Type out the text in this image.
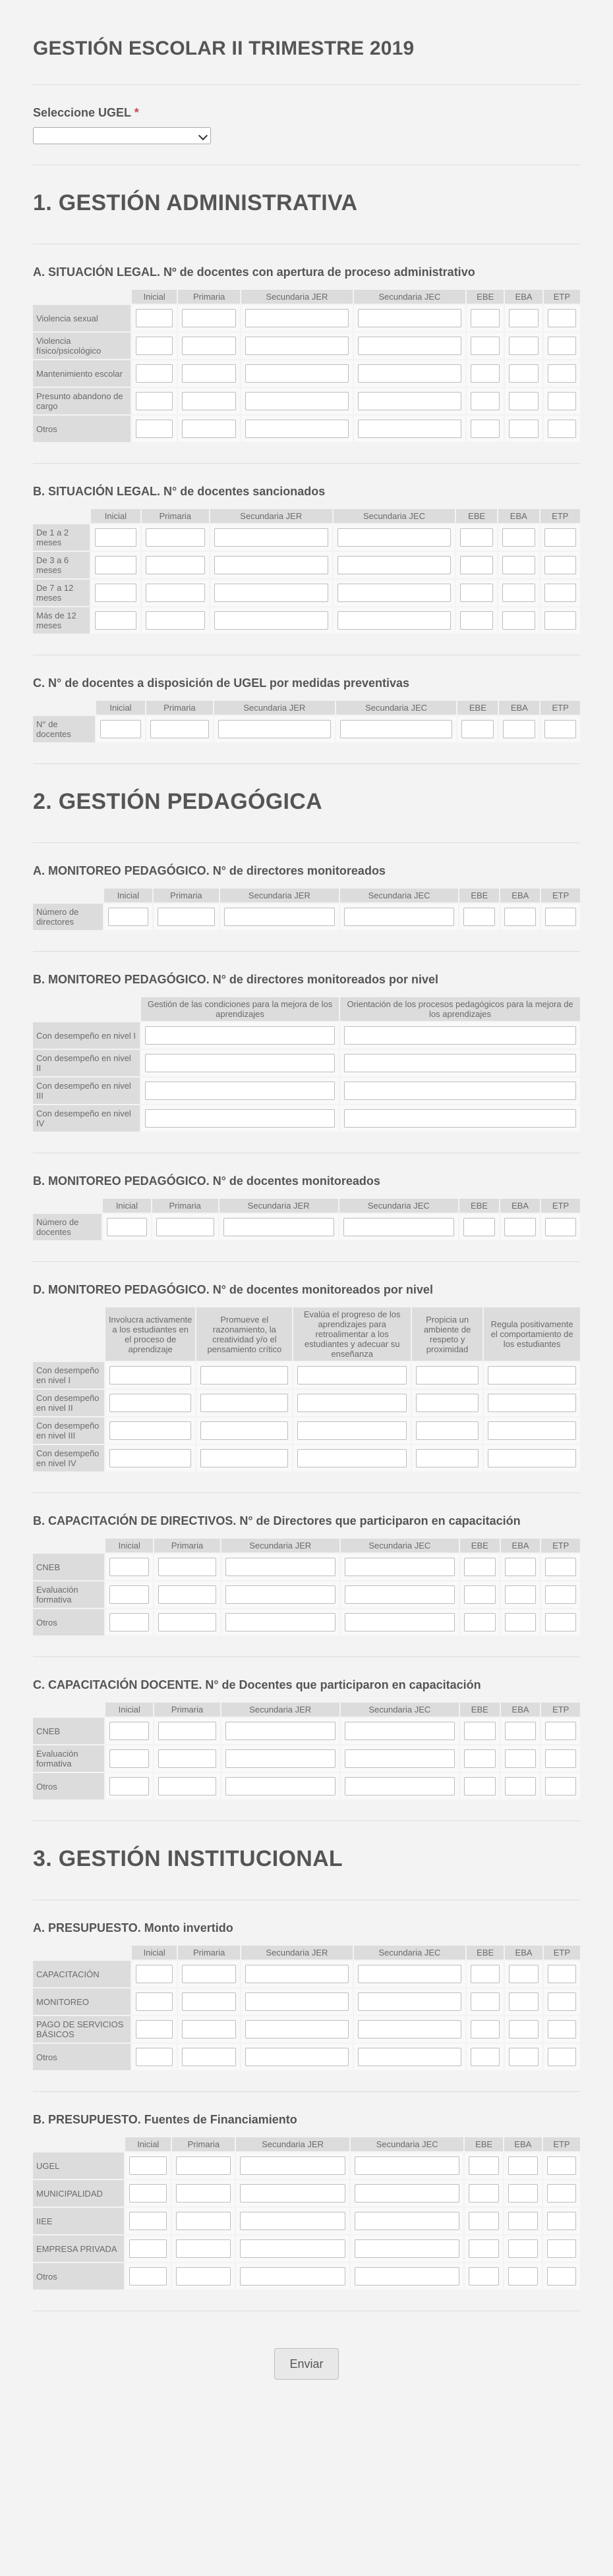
GESTIÓN ESCOLAR II TRIMESTRE 2019
Seleccione UGEL *
1. GESTIÓN ADMINISTRATIVA
A. SITUACIÓN LEGAL. Nº de docentes con apertura de proceso administrativo
	Inicial	Primaria	Secundaria JER	Secundaria JEC	EBE	EBA	ETP
Violencia sexual	

Violencia físico/psicológico	

Mantenimiento escolar	

Presunto abandono de cargo	

Otros	

B. SITUACIÓN LEGAL. N° de docentes sancionados
	Inicial	Primaria	Secundaria JER	Secundaria JEC	EBE	EBA	ETP
De 1 a 2 meses	

De 3 a 6 meses	

De 7 a 12 meses	

Más de 12 meses	

C. N° de docentes a disposición de UGEL por medidas preventivas
	Inicial	Primaria	Secundaria JER	Secundaria JEC	EBE	EBA	ETP
N° de docentes	

2. GESTIÓN PEDAGÓGICA
A. MONITOREO PEDAGÓGICO. N° de directores monitoreados
	Inicial	Primaria	Secundaria JER	Secundaria JEC	EBE	EBA	ETP
Número de directores	

B. MONITOREO PEDAGÓGICO. N° de directores monitoreados por nivel
	Gestión de las condiciones para la mejora de los aprendizajes	Orientación de los procesos pedagógicos para la mejora de los aprendizajes
Con desempeño en nivel I	

Con desempeño en nivel II	

Con desempeño en nivel III	

Con desempeño en nivel IV	

B. MONITOREO PEDAGÓGICO. N° de docentes monitoreados
	Inicial	Primaria	Secundaria JER	Secundaria JEC	EBE	EBA	ETP
Número de docentes	

D. MONITOREO PEDAGÓGICO. N° de docentes monitoreados por nivel
	Involucra activamente a los estudiantes en el proceso de aprendizaje	Promueve el razonamiento, la creatividad y/o el pensamiento crítico	Evalúa el progreso de los aprendizajes para retroalimentar a los estudiantes y adecuar su enseñanza	Propicia un ambiente de respeto y proximidad	Regula positivamente el comportamiento de los estudiantes
Con desempeño en nivel I	

Con desempeño en nivel II	

Con desempeño en nivel III	

Con desempeño en nivel IV	

B. CAPACITACIÓN DE DIRECTIVOS. N° de Directores que participaron en capacitación
	Inicial	Primaria	Secundaria JER	Secundaria JEC	EBE	EBA	ETP
CNEB	

Evaluación formativa	

Otros	

C. CAPACITACIÓN DOCENTE. N° de Docentes que participaron en capacitación
	Inicial	Primaria	Secundaria JER	Secundaria JEC	EBE	EBA	ETP
CNEB	

Evaluación formativa	

Otros	

3. GESTIÓN INSTITUCIONAL
A. PRESUPUESTO. Monto invertido
	Inicial	Primaria	Secundaria JER	Secundaria JEC	EBE	EBA	ETP
CAPACITACIÓN	

MONITOREO	

PAGO DE SERVICIOS BÁSICOS	

Otros	

B. PRESUPUESTO. Fuentes de Financiamiento
	Inicial	Primaria	Secundaria JER	Secundaria JEC	EBE	EBA	ETP
UGEL	

MUNICIPALIDAD	

IIEE	

EMPRESA PRIVADA	

Otros	

Enviar
